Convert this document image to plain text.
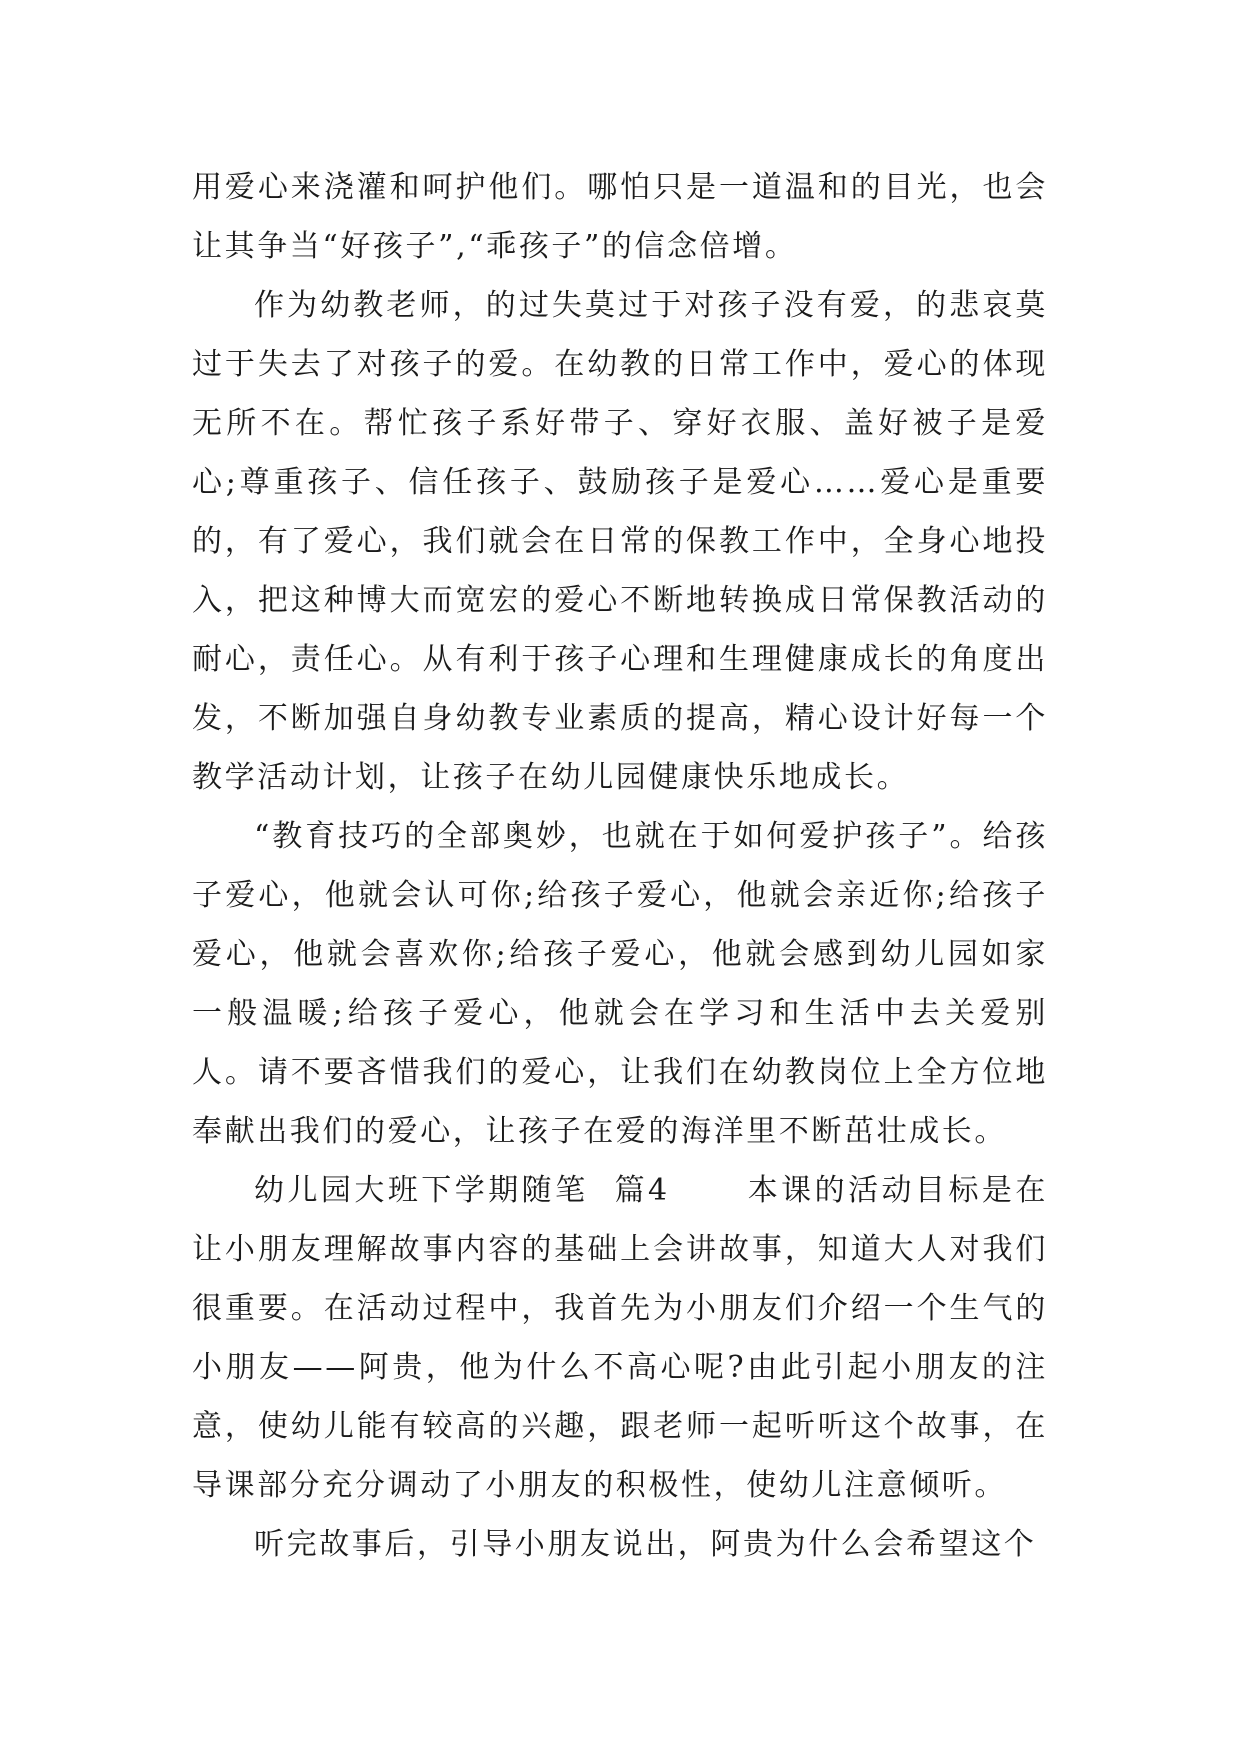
用爱心来浇灌和呵护他们。哪怕只是一道温和的目光，也会让其争当“好孩子”,“乖孩子”的信念倍增。

作为幼教老师，的过失莫过于对孩子没有爱，的悲哀莫过于失去了对孩子的爱。在幼教的日常工作中，爱心的体现无所不在。帮忙孩子系好带子、穿好衣服、盖好被子是爱心;尊重孩子、信任孩子、鼓励孩子是爱心……爱心是重要的，有了爱心，我们就会在日常的保教工作中，全身心地投入，把这种博大而宽宏的爱心不断地转换成日常保教活动的耐心，责任心。从有利于孩子心理和生理健康成长的角度出发，不断加强自身幼教专业素质的提高，精心设计好每一个教学活动计划，让孩子在幼儿园健康快乐地成长。

“教育技巧的全部奥妙，也就在于如何爱护孩子”。给孩子爱心，他就会认可你;给孩子爱心，他就会亲近你;给孩子爱心，他就会喜欢你;给孩子爱心，他就会感到幼儿园如家一般温暖;给孩子爱心，他就会在学习和生活中去关爱别人。请不要吝惜我们的爱心，让我们在幼教岗位上全方位地奉献出我们的爱心，让孩子在爱的海洋里不断茁壮成长。

幼儿园大班下学期随笔  篇4	本课的活动目标是在让小朋友理解故事内容的基础上会讲故事，知道大人对我们很重要。在活动过程中，我首先为小朋友们介绍一个生气的小朋友——阿贵，他为什么不高心呢?由此引起小朋友的注意，使幼儿能有较高的兴趣，跟老师一起听听这个故事，在导课部分充分调动了小朋友的积极性，使幼儿注意倾听。

听完故事后，引导小朋友说出，阿贵为什么会希望这个
